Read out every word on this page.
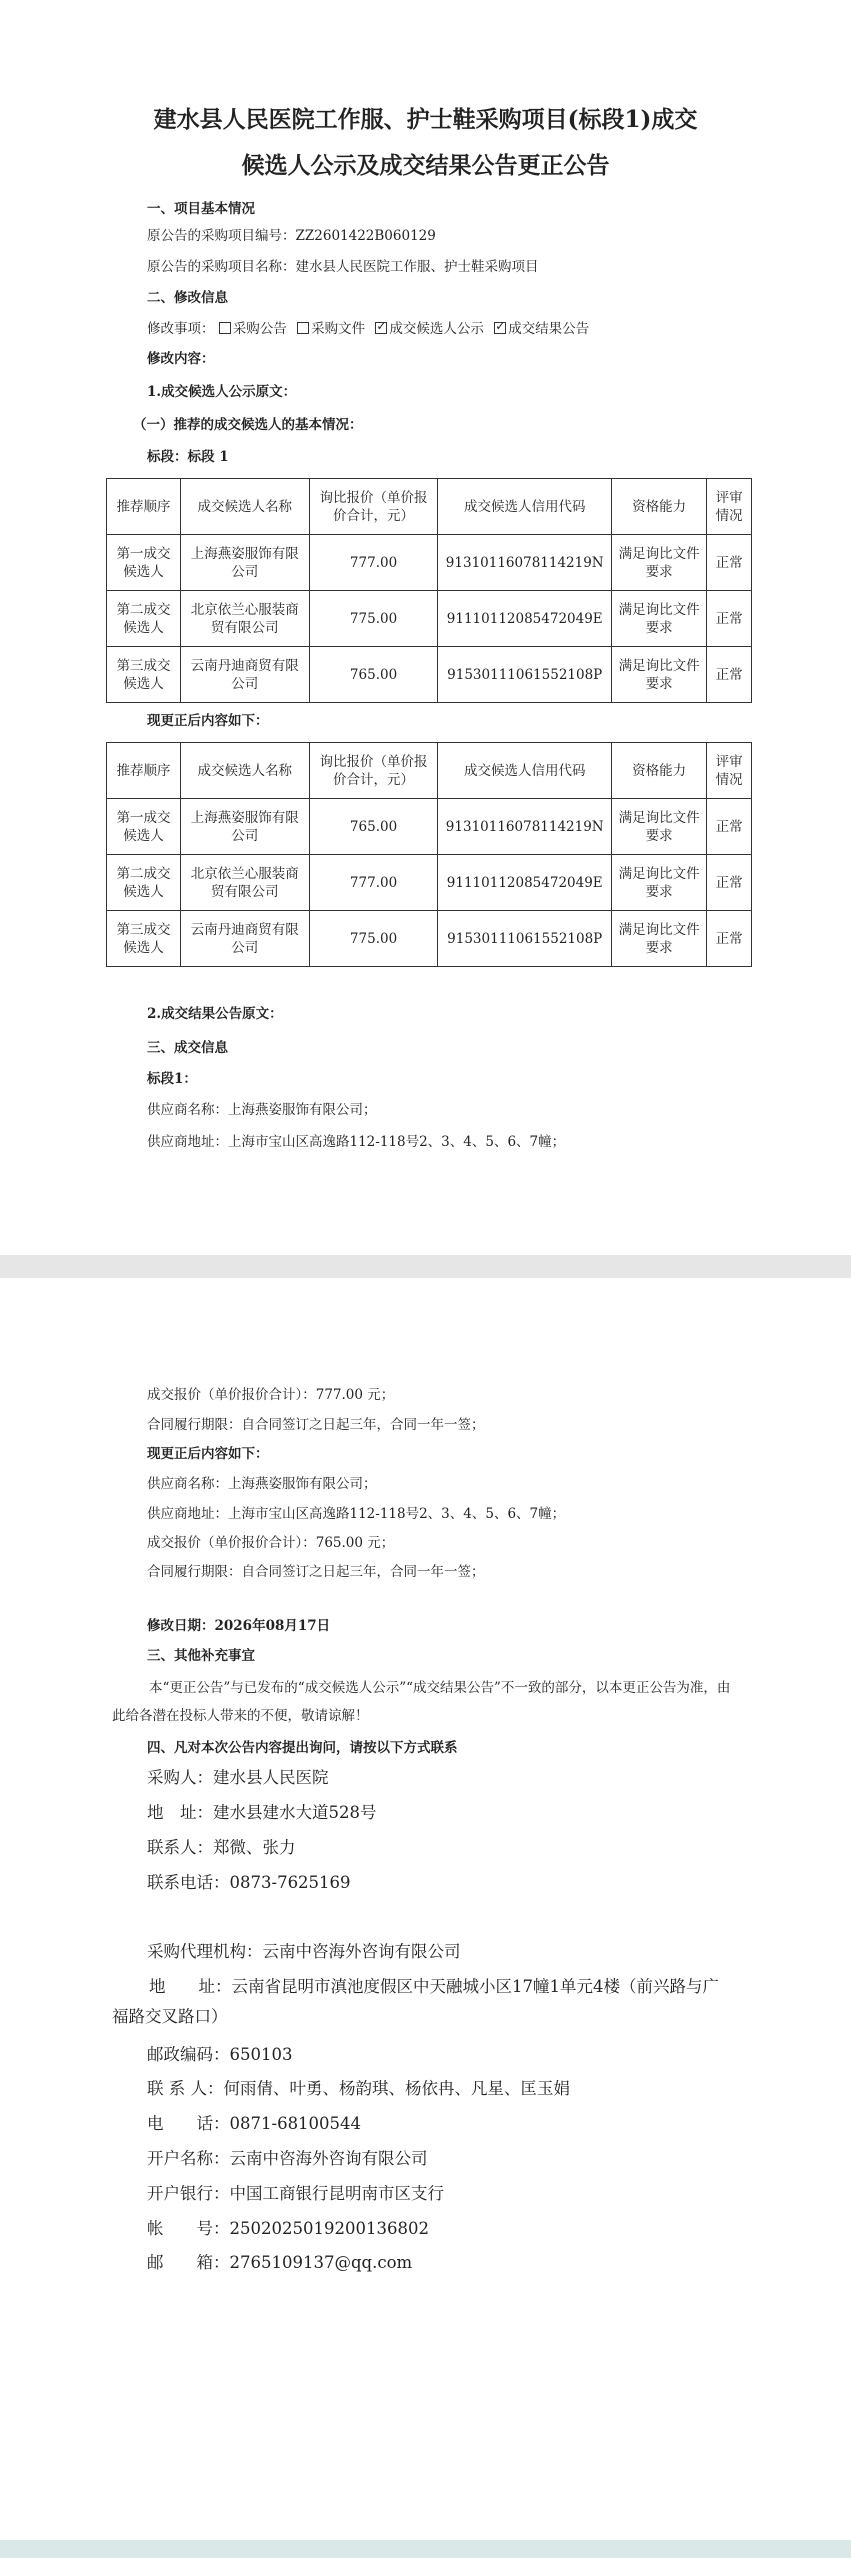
建水县人民医院工作服、护士鞋采购项目(标段1)成交
候选人公示及成交结果公告更正公告
一、项目基本情况
原公告的采购项目编号：ZZ2601422B060129
原公告的采购项目名称：建水县人民医院工作服、护士鞋采购项目
二、修改信息
修改事项： 采购公告 采购文件 ✓ 成交候选人公示 ✓ 成交结果公告
修改内容：
1.成交候选人公示原文：
（一）推荐的成交候选人的基本情况：
标段：标段 1
推荐顺序	成交候选人名称	询比报价（单价报价合计，元）	成交候选人信用代码	资格能力	评审情况
第一成交候选人	上海燕姿服饰有限公司	777.00	91310116078114219N	满足询比文件要求	正常
第二成交候选人	北京依兰心服装商贸有限公司	775.00	91110112085472049E	满足询比文件要求	正常
第三成交候选人	云南丹迪商贸有限公司	765.00	91530111061552108P	满足询比文件要求	正常
现更正后内容如下：
推荐顺序	成交候选人名称	询比报价（单价报价合计，元）	成交候选人信用代码	资格能力	评审情况
第一成交候选人	上海燕姿服饰有限公司	765.00	91310116078114219N	满足询比文件要求	正常
第二成交候选人	北京依兰心服装商贸有限公司	777.00	91110112085472049E	满足询比文件要求	正常
第三成交候选人	云南丹迪商贸有限公司	775.00	91530111061552108P	满足询比文件要求	正常
2.成交结果公告原文：
三、成交信息
标段1：
供应商名称：上海燕姿服饰有限公司；
供应商地址：上海市宝山区高逸路112-118号2、3、4、5、6、7幢；
成交报价（单价报价合计）：777.00 元；
合同履行期限：自合同签订之日起三年，合同一年一签；
现更正后内容如下：
供应商名称：上海燕姿服饰有限公司；
供应商地址：上海市宝山区高逸路112-118号2、3、4、5、6、7幢；
成交报价（单价报价合计）：765.00 元；
合同履行期限：自合同签订之日起三年，合同一年一签；
修改日期：2026年08月17日
三、其他补充事宜
本“更正公告”与已发布的“成交候选人公示”“成交结果公告”不一致的部分，以本更正公告为准，由此给各潜在投标人带来的不便，敬请谅解！
四、凡对本次公告内容提出询问，请按以下方式联系
采购人：建水县人民医院
地　址：建水县建水大道528号
联系人：郑微、张力
联系电话：0873-7625169
采购代理机构：云南中咨海外咨询有限公司
地　　址：云南省昆明市滇池度假区中天融城小区17幢1单元4楼（前兴路与广福路交叉路口）
邮政编码：650103
联 系 人：何雨倩、叶勇、杨韵琪、杨依冉、凡星、匡玉娟
电　　话：0871-68100544
开户名称：云南中咨海外咨询有限公司
开户银行：中国工商银行昆明南市区支行
帐　　号：2502025019200136802
邮　　箱：2765109137@qq.com
